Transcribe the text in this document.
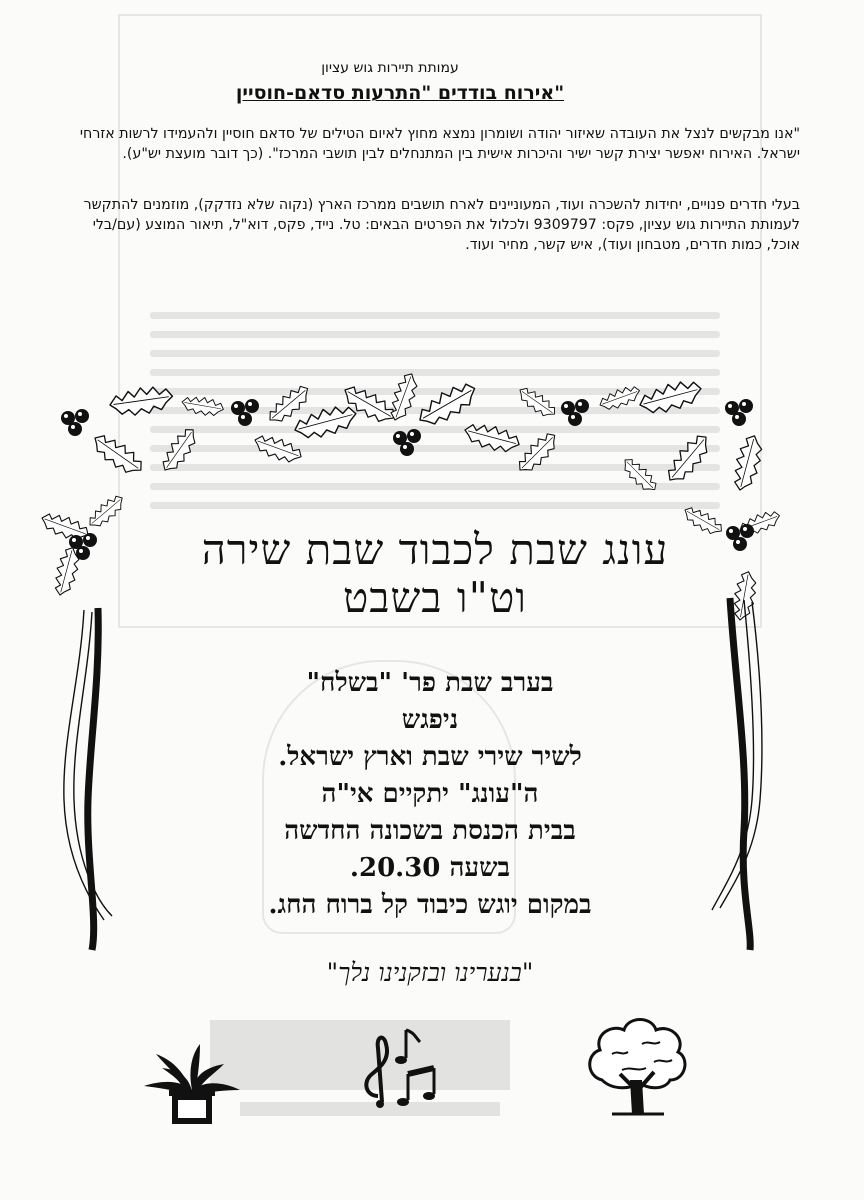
עמותת תיירות גוש עציון
אירוח בודדים "התרעות סדאם-חוסיין"
"אנו מבקשים לנצל את העובדה שאיזור יהודה ושומרון נמצא מחוץ לאיום הטילים של סדאם חוסיין ולהעמידו לרשות אזרחי ישראל. האירוח יאפשר יצירת קשר ישיר והיכרות אישית בין המתנחלים לבין תושבי המרכז". (כך דובר מועצת יש"ע).
בעלי חדרים פנויים, יחידות להשכרה ועוד, המעוניינים לארח תושבים ממרכז הארץ (נקוה שלא נזדקק), מוזמנים להתקשר לעמותת התיירות גוש עציון, פקס: 9309797 ולכלול את הפרטים הבאים: טל. נייד, פקס, דוא"ל, תיאור המוצע (עם/בלי אוכל, כמות חדרים, מטבחון ועוד), איש קשר, מחיר ועוד.
עונג שבת לכבוד שבת שירה
וט"ו בשבט
בערב שבת פר' "בשלח"
ניפגש
לשיר שירי שבת וארץ ישראל.
ה"עונג" יתקיים אי"ה
בבית הכנסת בשכונה החדשה
בשעה 20.30.
במקום יוגש כיבוד קל ברוח החג.
"בנערינו ובזקנינו נלך"
